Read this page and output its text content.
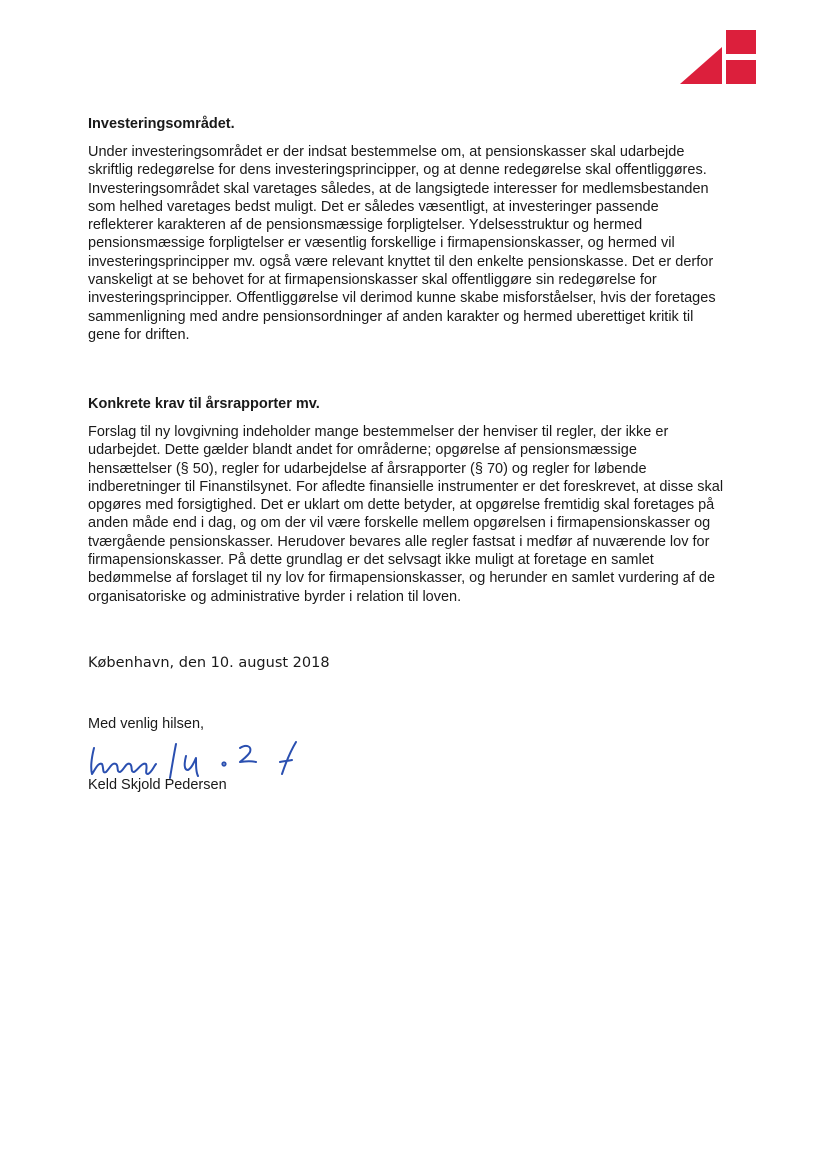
Investeringsområdet.

Under investeringsområdet er der indsat bestemmelse om, at pensionskasser skal udarbejde
skriftlig redegørelse for dens investeringsprincipper, og at denne redegørelse skal offentliggøres.
Investeringsområdet skal varetages således, at de langsigtede interesser for medlemsbestanden
som helhed varetages bedst muligt. Det er således væsentligt, at investeringer passende
reflekterer karakteren af de pensionsmæssige forpligtelser. Ydelsesstruktur og hermed
pensionsmæssige forpligtelser er væsentlig forskellige i firmapensionskasser, og hermed vil
investeringsprincipper mv. også være relevant knyttet til den enkelte pensionskasse. Det er derfor
vanskeligt at se behovet for at firmapensionskasser skal offentliggøre sin redegørelse for
investeringsprincipper. Offentliggørelse vil derimod kunne skabe misforståelser, hvis der foretages
sammenligning med andre pensionsordninger af anden karakter og hermed uberettiget kritik til
gene for driften.

Konkrete krav til årsrapporter mv.

Forslag til ny lovgivning indeholder mange bestemmelser der henviser til regler, der ikke er
udarbejdet. Dette gælder blandt andet for områderne; opgørelse af pensionsmæssige
hensættelser (§ 50), regler for udarbejdelse af årsrapporter (§ 70) og regler for løbende
indberetninger til Finanstilsynet. For afledte finansielle instrumenter er det foreskrevet, at disse skal
opgøres med forsigtighed. Det er uklart om dette betyder, at opgørelse fremtidig skal foretages på
anden måde end i dag, og om der vil være forskelle mellem opgørelsen i firmapensionskasser og
tværgående pensionskasser. Herudover bevares alle regler fastsat i medfør af nuværende lov for
firmapensionskasser. På dette grundlag er det selvsagt ikke muligt at foretage en samlet
bedømmelse af forslaget til ny lov for firmapensionskasser, og herunder en samlet vurdering af de
organisatoriske og administrative byrder i relation til loven.

København, den 10. august 2018
Med venlig hilsen,
Keld Skjold Pedersen
